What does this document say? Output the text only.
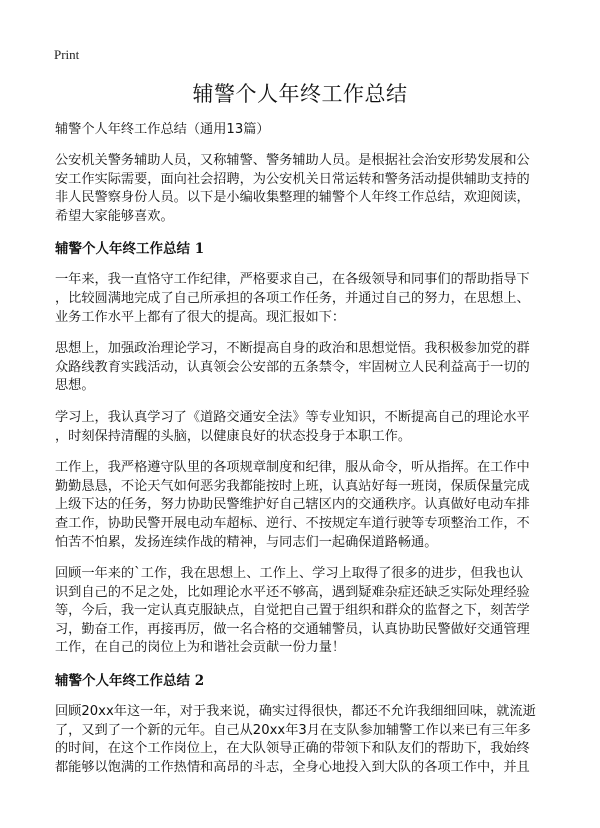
Print
辅警个人年终工作总结

辅警个人年终工作总结（通用13篇）

公安机关警务辅助人员，又称辅警、警务辅助人员。是根据社会治安形势发展和公
安工作实际需要，面向社会招聘，为公安机关日常运转和警务活动提供辅助支持的
非人民警察身份人员。以下是小编收集整理的辅警个人年终工作总结，欢迎阅读，
希望大家能够喜欢。

辅警个人年终工作总结 1

一年来，我一直恪守工作纪律，严格要求自己，在各级领导和同事们的帮助指导下
，比较圆满地完成了自己所承担的各项工作任务，并通过自己的努力，在思想上、
业务工作水平上都有了很大的提高。现汇报如下：

思想上，加强政治理论学习，不断提高自身的政治和思想觉悟。我积极参加党的群
众路线教育实践活动，认真领会公安部的五条禁令，牢固树立人民利益高于一切的
思想。

学习上，我认真学习了《道路交通安全法》等专业知识，不断提高自己的理论水平
，时刻保持清醒的头脑，以健康良好的状态投身于本职工作。

工作上，我严格遵守队里的各项规章制度和纪律，服从命令，听从指挥。在工作中
勤勤恳恳，不论天气如何恶劣我都能按时上班，认真站好每一班岗，保质保量完成
上级下达的任务，努力协助民警维护好自己辖区内的交通秩序。认真做好电动车排
查工作，协助民警开展电动车超标、逆行、不按规定车道行驶等专项整治工作，不
怕苦不怕累，发扬连续作战的精神，与同志们一起确保道路畅通。

回顾一年来的`工作，我在思想上、工作上、学习上取得了很多的进步，但我也认
识到自己的不足之处，比如理论水平还不够高，遇到疑难杂症还缺乏实际处理经验
等，今后，我一定认真克服缺点，自觉把自己置于组织和群众的监督之下，刻苦学
习，勤奋工作，再接再厉，做一名合格的交通辅警员，认真协助民警做好交通管理
工作，在自己的岗位上为和谐社会贡献一份力量！

辅警个人年终工作总结 2

回顾20xx年这一年，对于我来说，确实过得很快，都还不允许我细细回味，就流逝
了，又到了一个新的元年。自己从20xx年3月在支队参加辅警工作以来已有三年多
的时间，在这个工作岗位上，在大队领导正确的带领下和队友们的帮助下，我始终
都能够以饱满的工作热情和高昂的斗志，全身心地投入到大队的各项工作中，并且
